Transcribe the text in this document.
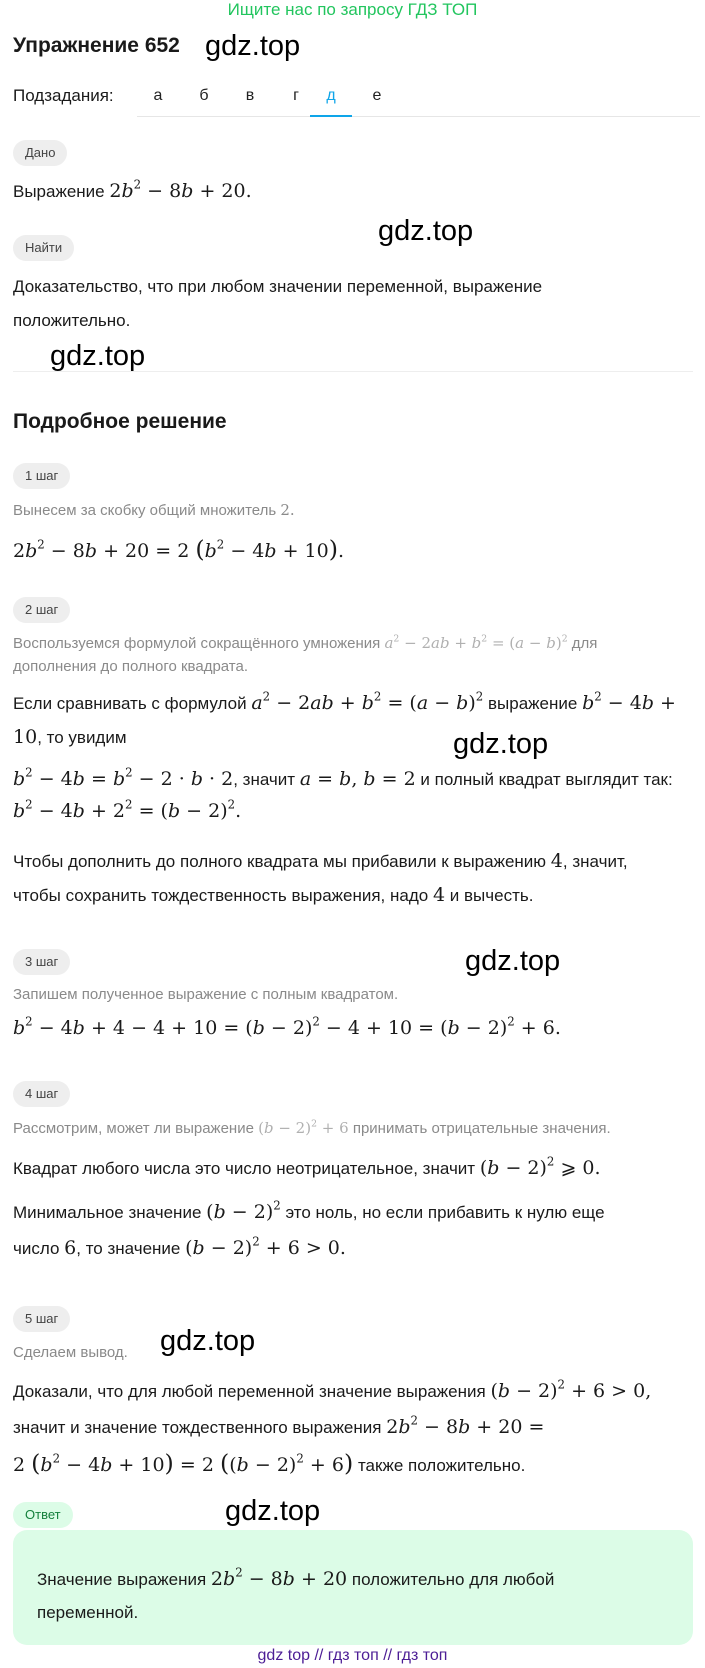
Ищите нас по запросу ГДЗ ТОП
Упражнение 652 gdz.top
gdz.top
gdz.top
gdz.top
gdz.top
gdz.top
gdz.top
Подзадания:	а	б	в	г	д	е
Дано
Выражение $2b^2 - 8b + 20$.
Найти
Доказательство, что при любом значении переменной, выражение
положительно.
Подробное решение
1 шаг
Вынесем за скобку общий множитель 2.
$2b^2 - 8b + 20 = 2$ $(b^2 - 4b + 10)$.
2 шаг
Воспользуемся формулой сокращённого умножения $a^2 - 2ab + b^2 = (a - b)^2$ для
дополнения до полного квадрата.
Если сравнивать с формулой $a^2 - 2ab + b^2 = (a - b)^2$ выражение $b^2 - 4b$ +
10, то увидим
$b^2 - 4b = b^2 - 2 \cdot b \cdot 2$, значит a = b, b = 2 и полный квадрат выглядит так:
$b^2 - 4b + 2^2 = (b - 2)^2$.
Чтобы дополнить до полного квадрата мы прибавили к выражению 4, значит,
чтобы сохранить тождественность выражения, надо 4 и вычесть.
3 шаг
Запишем полученное выражение с полным квадратом.
$b^2 - 4b + 4 - 4 + 10 = (b - 2)^2 - 4 + 10 = (b - 2)^2 + 6$.
4 шаг
Рассмотрим, может ли выражение $(b - 2)^2 + 6$ принимать отрицательные значения.
Квадрат любого числа это число неотрицательное, значит $(b - 2)^2$ ⩾ 0.
Минимальное значение $(b - 2)^2$ это ноль, но если прибавить к нулю еще
число 6, то значение $(b - 2)^2 + 6 > 0$.
5 шаг
Сделаем вывод.
Доказали, что для любой переменной значение выражения $(b - 2)^2 + 6 > 0$,
значит и значение тождественного выражения $2b^2 - 8b + 20$ =
2 $(b^2 - 4b + 10) = 2$ $((b - 2)^2 + 6)$ также положительно.
Ответ
Значение выражения $2b^2 - 8b + 20$ положительно для любой
переменной.
gdz top // гдз топ // гдз топ
